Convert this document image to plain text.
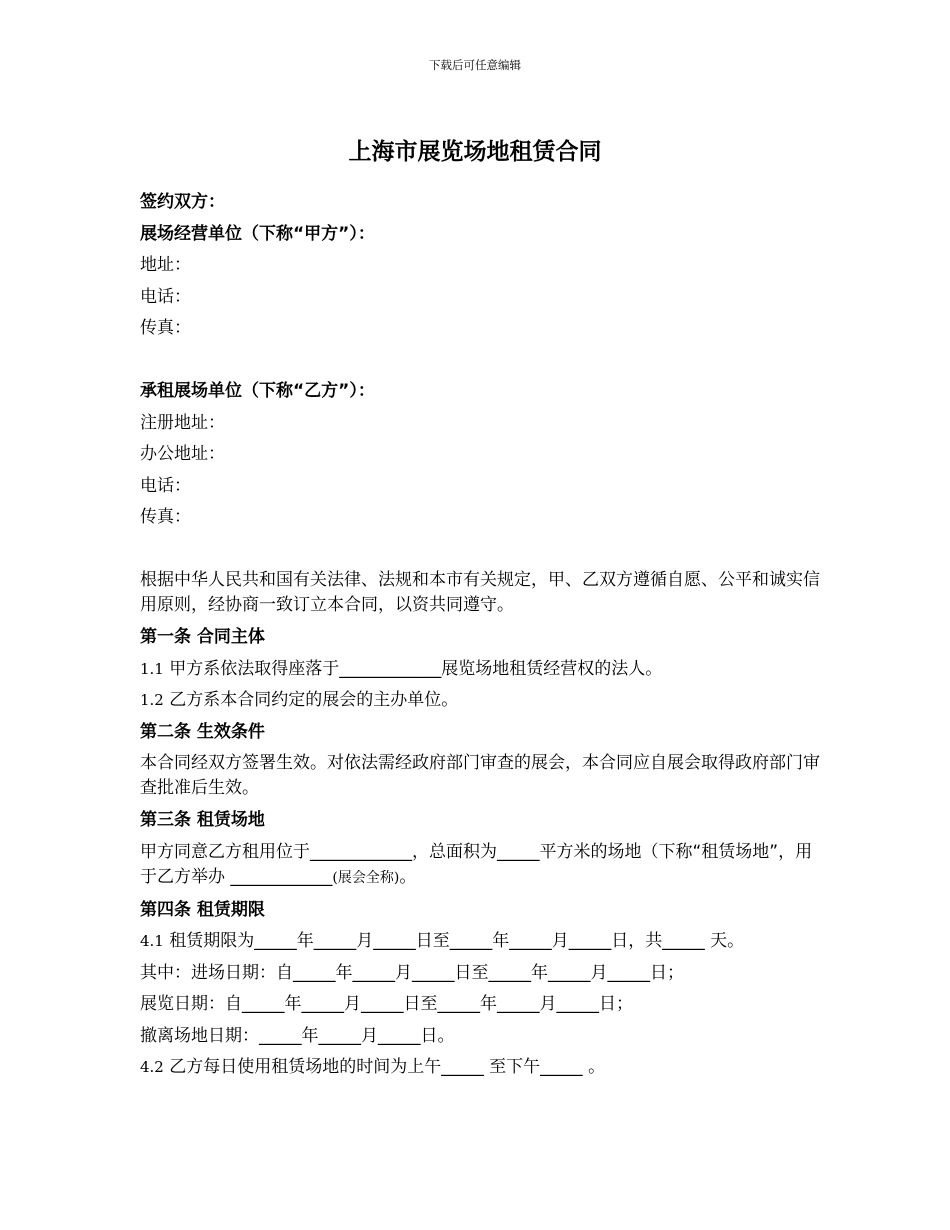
下载后可任意编辑
上海市展览场地租赁合同
签约双方：
展场经营单位（下称“甲方”）：
地址：
电话：
传真：
承租展场单位（下称“乙方”）：
注册地址：
办公地址：
电话：
传真：
根据中华人民共和国有关法律、法规和本市有关规定，甲、乙双方遵循自愿、公平和诚实信用原则，经协商一致订立本合同，以资共同遵守。
第一条 合同主体
1.1 甲方系依法取得座落于____________展览场地租赁经营权的法人。
1.2 乙方系本合同约定的展会的主办单位。
第二条 生效条件
本合同经双方签署生效。对依法需经政府部门审查的展会，本合同应自展会取得政府部门审查批准后生效。
第三条 租赁场地
甲方同意乙方租用位于____________，总面积为_____平方米的场地（下称“租赁场地”，用于乙方举办 ____________(展会全称)。
第四条 租赁期限
4.1 租赁期限为_____年_____月_____日至_____年_____月_____日，共_____ 天。
其中：进场日期：自_____年_____月_____日至_____年_____月_____日；
展览日期：自_____年_____月_____日至_____年_____月_____日；
撤离场地日期：_____年_____月_____日。
4.2 乙方每日使用租赁场地的时间为上午_____ 至下午_____ 。
